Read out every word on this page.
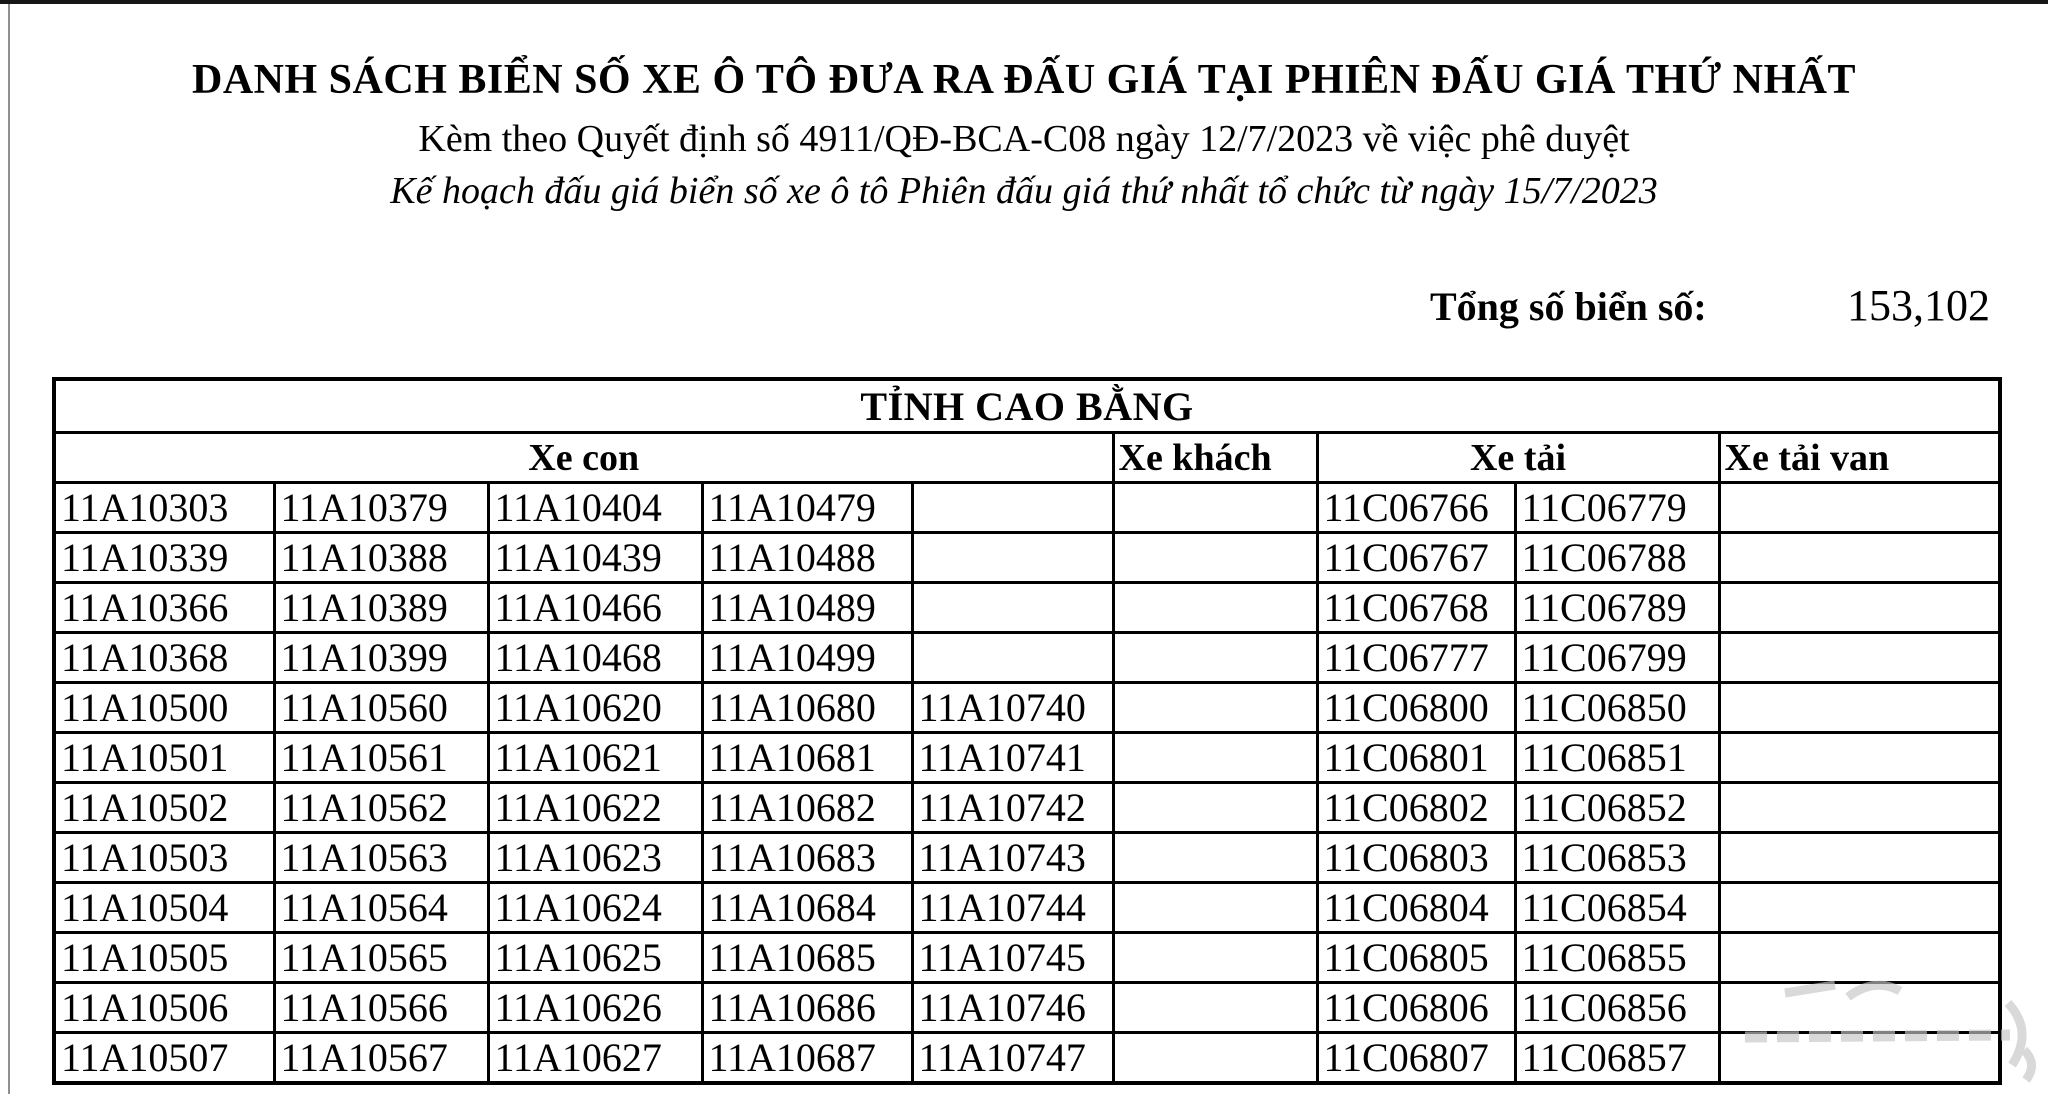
DANH SÁCH BIỂN SỐ XE Ô TÔ ĐƯA RA ĐẤU GIÁ TẠI PHIÊN ĐẤU GIÁ THỨ NHẤT
Kèm theo Quyết định số 4911/QĐ-BCA-C08 ngày 12/7/2023 về việc phê duyệt
Kế hoạch đấu giá biển số xe ô tô Phiên đấu giá thứ nhất tổ chức từ ngày 15/7/2023
Tổng số biển số:	153,102
TỈNH CAO BẰNG								
Xe con					Xe khách	Xe tải		Xe tải van
11A10303	11A10379	11A10404	11A10479			11C06766	11C06779	
11A10339	11A10388	11A10439	11A10488			11C06767	11C06788	
11A10366	11A10389	11A10466	11A10489			11C06768	11C06789	
11A10368	11A10399	11A10468	11A10499			11C06777	11C06799	
11A10500	11A10560	11A10620	11A10680	11A10740		11C06800	11C06850	
11A10501	11A10561	11A10621	11A10681	11A10741		11C06801	11C06851	
11A10502	11A10562	11A10622	11A10682	11A10742		11C06802	11C06852	
11A10503	11A10563	11A10623	11A10683	11A10743		11C06803	11C06853	
11A10504	11A10564	11A10624	11A10684	11A10744		11C06804	11C06854	
11A10505	11A10565	11A10625	11A10685	11A10745		11C06805	11C06855	
11A10506	11A10566	11A10626	11A10686	11A10746		11C06806	11C06856	
11A10507	11A10567	11A10627	11A10687	11A10747		11C06807	11C06857	
